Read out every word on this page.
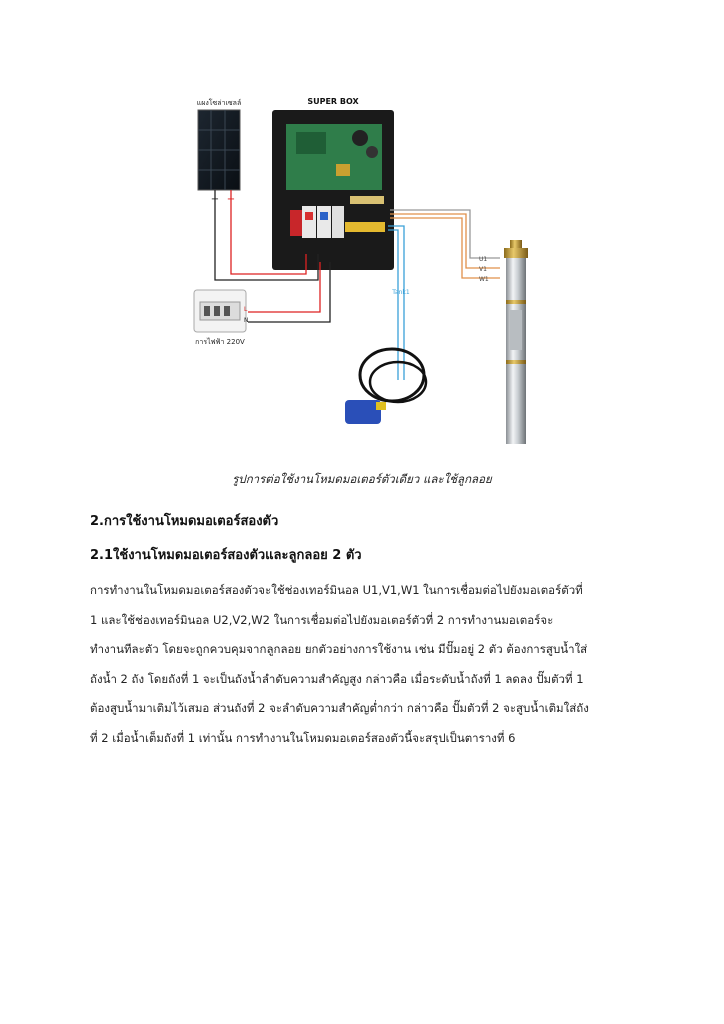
แผงโซล่าเซลล์
− +
SUPER BOX
U1
V1
W1
Tank1
L
N
การไฟฟ้า 220V
รูปการต่อใช้งานโหมดมอเตอร์ตัวเดียว และใช้ลูกลอย
2.การใช้งานโหมดมอเตอร์สองตัว
2.1ใช้งานโหมดมอเตอร์สองตัวและลูกลอย 2 ตัว
การทำงานในโหมดมอเตอร์สองตัวจะใช้ช่องเทอร์มินอล U1,V1,W1 ในการเชื่อมต่อไปยังมอเตอร์ตัวที่
1 และใช้ช่องเทอร์มินอล U2,V2,W2 ในการเชื่อมต่อไปยังมอเตอร์ตัวที่ 2 การทำงานมอเตอร์จะ
ทำงานทีละตัว โดยจะถูกควบคุมจากลูกลอย ยกตัวอย่างการใช้งาน เช่น มีปั๊มอยู่ 2 ตัว ต้องการสูบน้ำใส่
ถังน้ำ 2 ถัง โดยถังที่ 1 จะเป็นถังน้ำลำดับความสำคัญสูง กล่าวคือ เมื่อระดับน้ำถังที่ 1 ลดลง ปั๊มตัวที่ 1
ต้องสูบน้ำมาเติมไว้เสมอ ส่วนถังที่ 2 จะลำดับความสำคัญต่ำกว่า กล่าวคือ ปั๊มตัวที่ 2 จะสูบน้ำเติมใส่ถัง
ที่ 2 เมื่อน้ำเต็มถังที่ 1 เท่านั้น การทำงานในโหมดมอเตอร์สองตัวนี้จะสรุปเป็นตารางที่ 6
